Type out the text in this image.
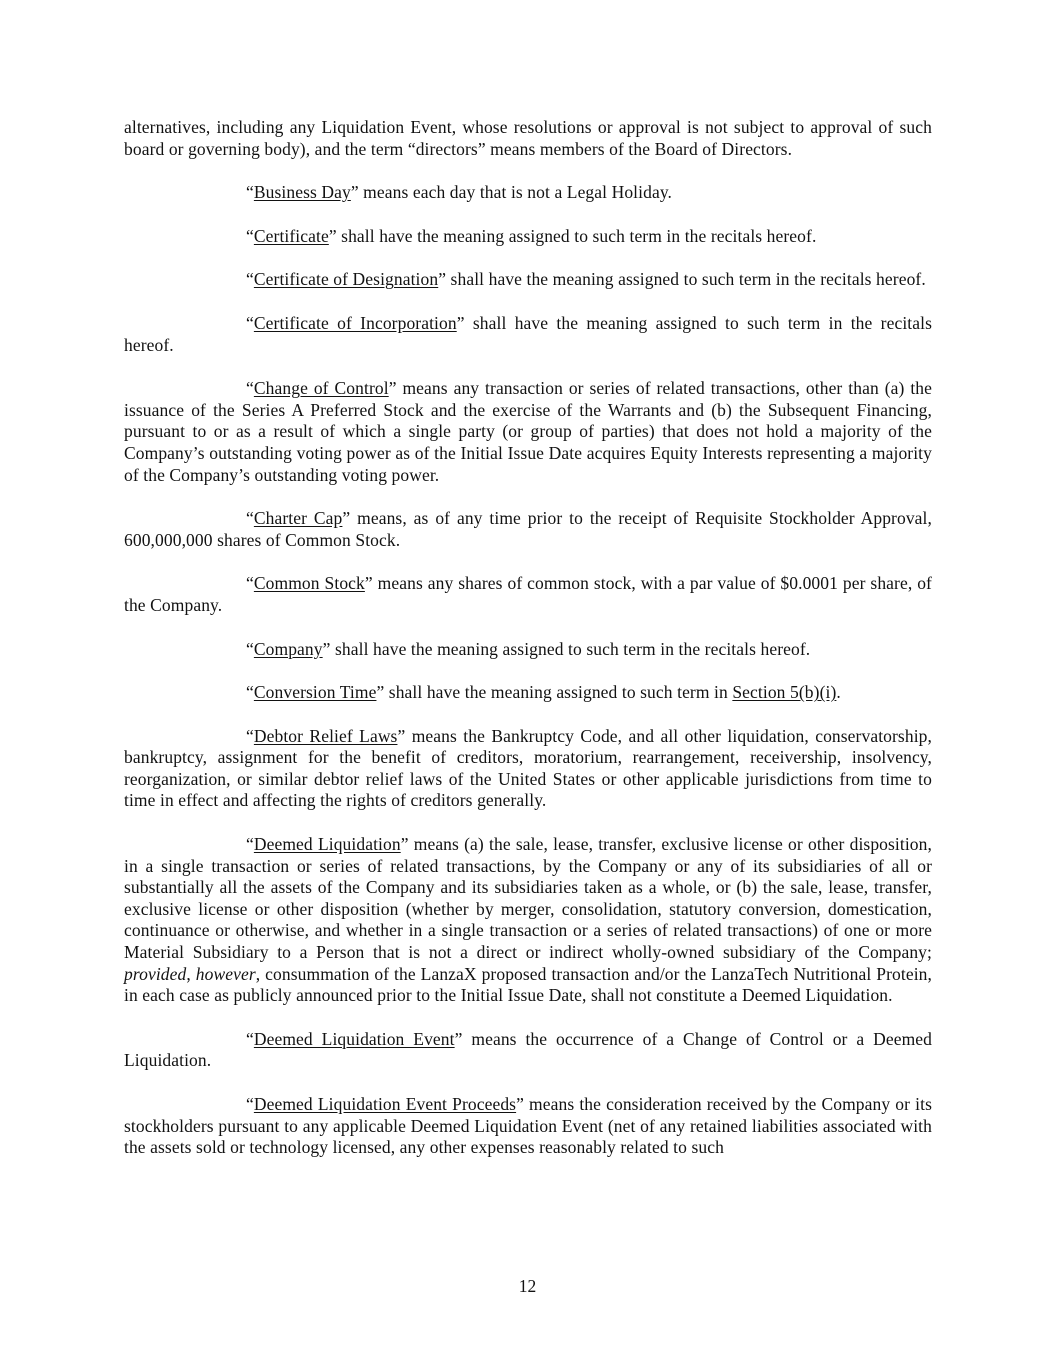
alternatives, including any Liquidation Event, whose resolutions or approval is not subject to approval of such board or governing body), and the term “directors” means members of the Board of Directors.

“Business Day” means each day that is not a Legal Holiday.

“Certificate” shall have the meaning assigned to such term in the recitals hereof.

“Certificate of Designation” shall have the meaning assigned to such term in the recitals hereof.

“Certificate of Incorporation” shall have the meaning assigned to such term in the recitals hereof.

“Change of Control” means any transaction or series of related transactions, other than (a) the issuance of the Series A Preferred Stock and the exercise of the Warrants and (b) the Subsequent Financing, pursuant to or as a result of which a single party (or group of parties) that does not hold a majority of the Company’s outstanding voting power as of the Initial Issue Date acquires Equity Interests representing a majority of the Company’s outstanding voting power.

“Charter Cap” means, as of any time prior to the receipt of Requisite Stockholder Approval, 600,000,000 shares of Common Stock.

“Common Stock” means any shares of common stock, with a par value of $0.0001 per share, of the Company.

“Company” shall have the meaning assigned to such term in the recitals hereof.

“Conversion Time” shall have the meaning assigned to such term in Section 5(b)(i).

“Debtor Relief Laws” means the Bankruptcy Code, and all other liquidation, conservatorship, bankruptcy, assignment for the benefit of creditors, moratorium, rearrangement, receivership, insolvency, reorganization, or similar debtor relief laws of the United States or other applicable jurisdictions from time to time in effect and affecting the rights of creditors generally.

“Deemed Liquidation” means (a) the sale, lease, transfer, exclusive license or other disposition, in a single transaction or series of related transactions, by the Company or any of its subsidiaries of all or substantially all the assets of the Company and its subsidiaries taken as a whole, or (b) the sale, lease, transfer, exclusive license or other disposition (whether by merger, consolidation, statutory conversion, domestication, continuance or otherwise, and whether in a single transaction or a series of related transactions) of one or more Material Subsidiary to a Person that is not a direct or indirect wholly-owned subsidiary of the Company; provided, however, consummation of the LanzaX proposed transaction and/or the LanzaTech Nutritional Protein, in each case as publicly announced prior to the Initial Issue Date, shall not constitute a Deemed Liquidation.

“Deemed Liquidation Event” means the occurrence of a Change of Control or a Deemed Liquidation.

“Deemed Liquidation Event Proceeds” means the consideration received by the Company or its stockholders pursuant to any applicable Deemed Liquidation Event (net of any retained liabilities associated with the assets sold or technology licensed, any other expenses reasonably related to such

12
